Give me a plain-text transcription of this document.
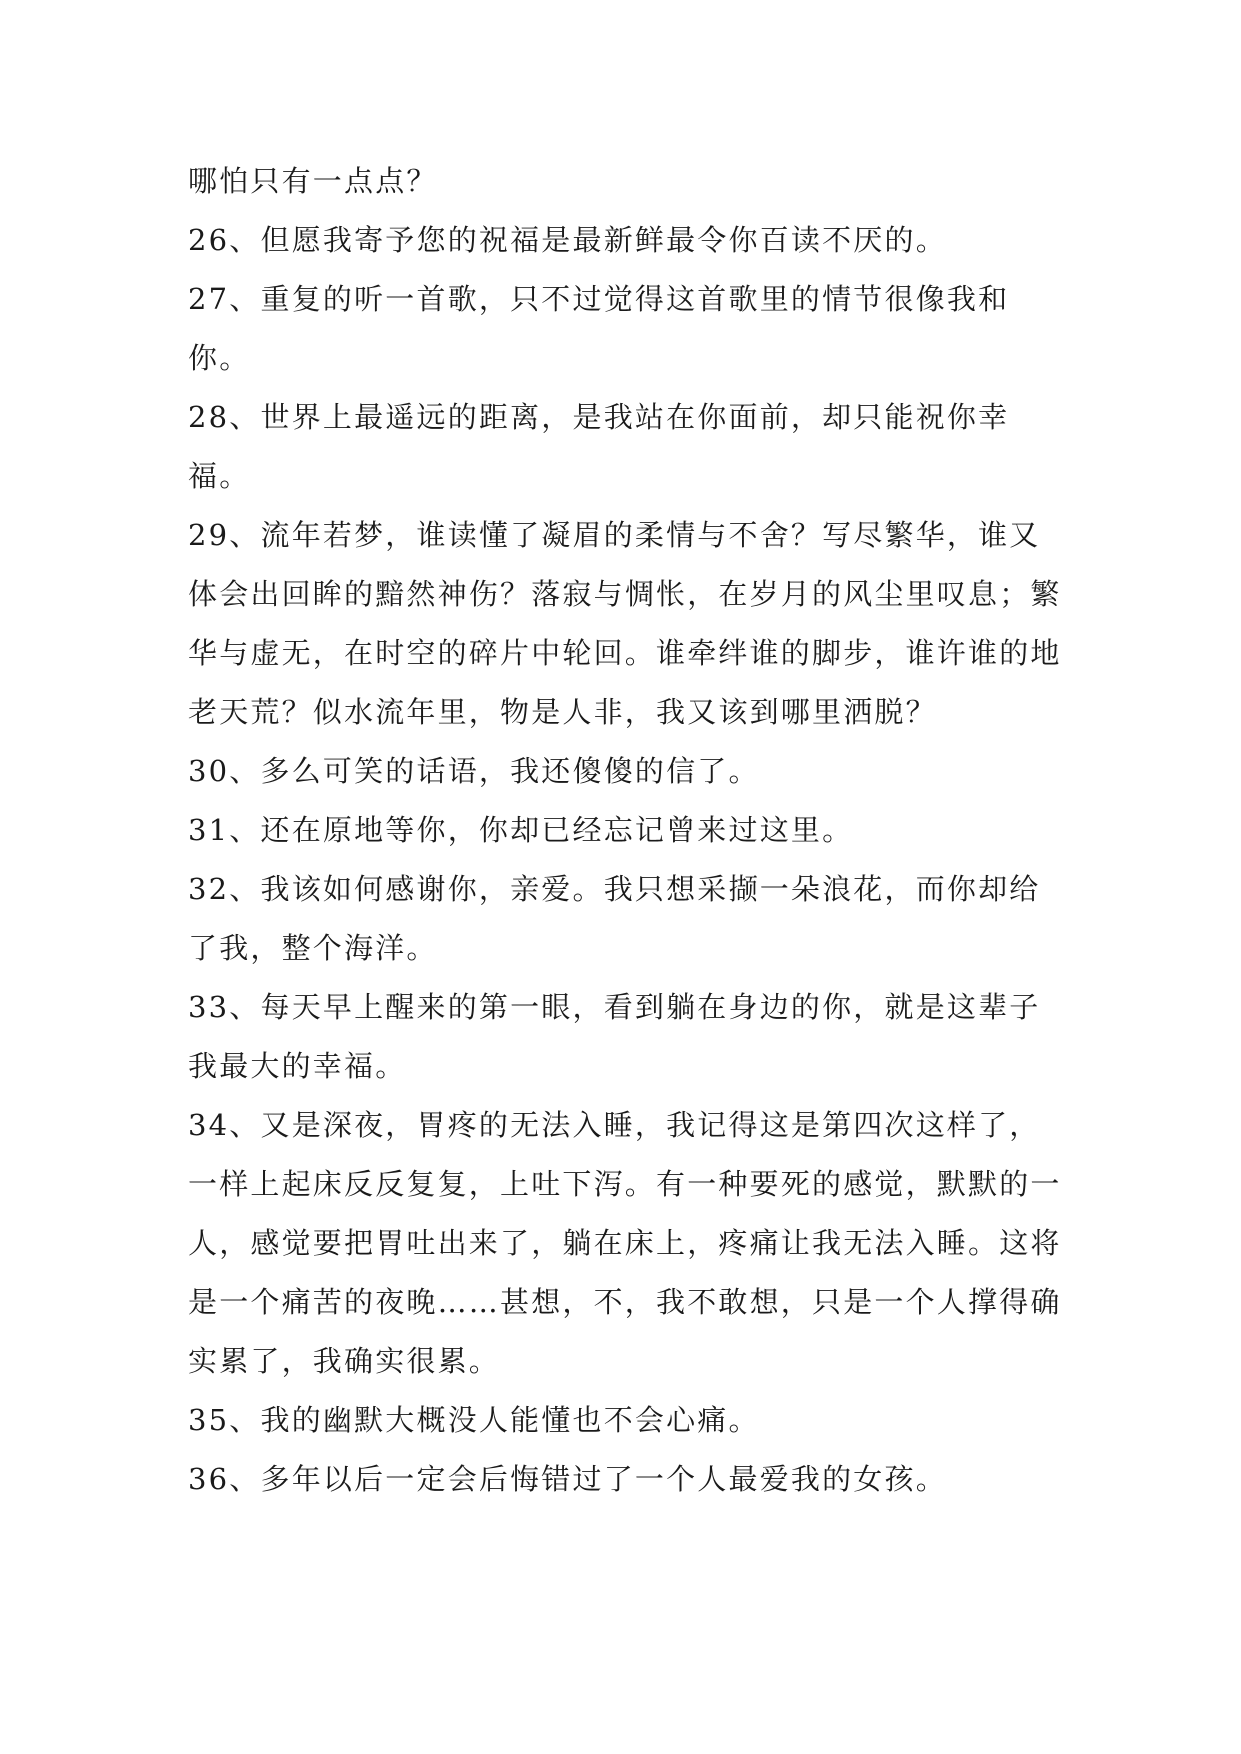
哪怕只有一点点？

26、但愿我寄予您的祝福是最新鲜最令你百读不厌的。

27、重复的听一首歌，只不过觉得这首歌里的情节很像我和你。

28、世界上最遥远的距离，是我站在你面前，却只能祝你幸福。

29、流年若梦，谁读懂了凝眉的柔情与不舍？写尽繁华，谁又体会出回眸的黯然神伤？落寂与惆怅，在岁月的风尘里叹息；繁华与虚无，在时空的碎片中轮回。谁牵绊谁的脚步，谁许谁的地老天荒？似水流年里，物是人非，我又该到哪里洒脱？

30、多么可笑的话语，我还傻傻的信了。

31、还在原地等你，你却已经忘记曾来过这里。

32、我该如何感谢你，亲爱。我只想采撷一朵浪花，而你却给了我，整个海洋。

33、每天早上醒来的第一眼，看到躺在身边的你，就是这辈子我最大的幸福。

34、又是深夜，胃疼的无法入睡，我记得这是第四次这样了，一样上起床反反复复，上吐下泻。有一种要死的感觉，默默的一人，感觉要把胃吐出来了，躺在床上，疼痛让我无法入睡。这将是一个痛苦的夜晚……甚想，不，我不敢想，只是一个人撑得确实累了，我确实很累。

35、我的幽默大概没人能懂也不会心痛。

36、多年以后一定会后悔错过了一个人最爱我的女孩。
